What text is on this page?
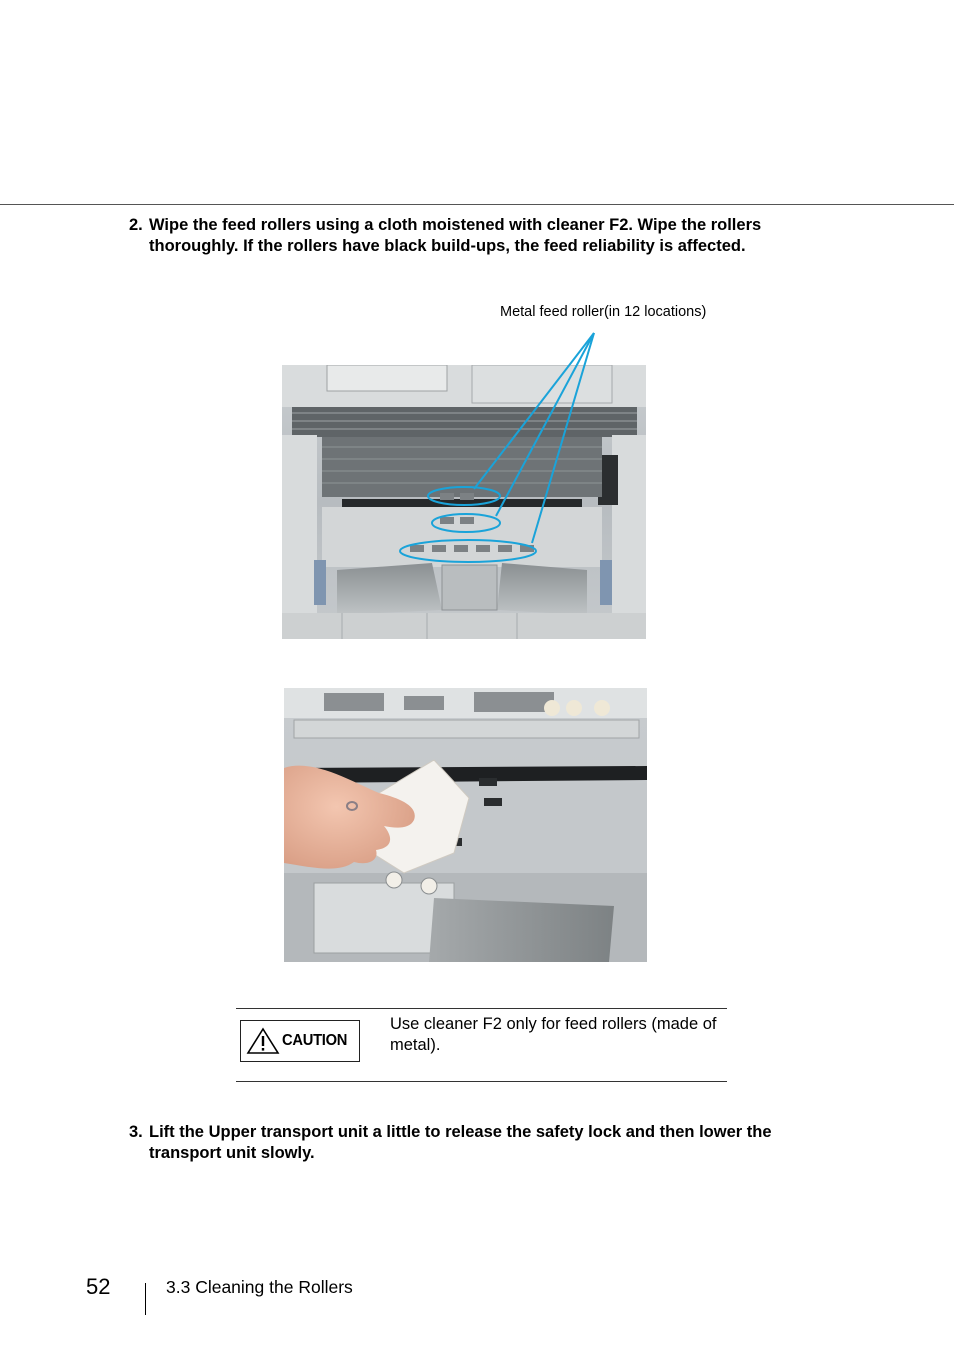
2. Wipe the feed rollers using a cloth moistened with cleaner F2. Wipe the rollers thoroughly. If the rollers have black build-ups, the feed reliability is affected.
Metal feed roller(in 12 locations)
CAUTION
Use cleaner F2 only for feed rollers (made of metal).
3. Lift the Upper transport unit a little to release the safety lock and then lower the transport unit slowly.
52	3.3 Cleaning the Rollers
